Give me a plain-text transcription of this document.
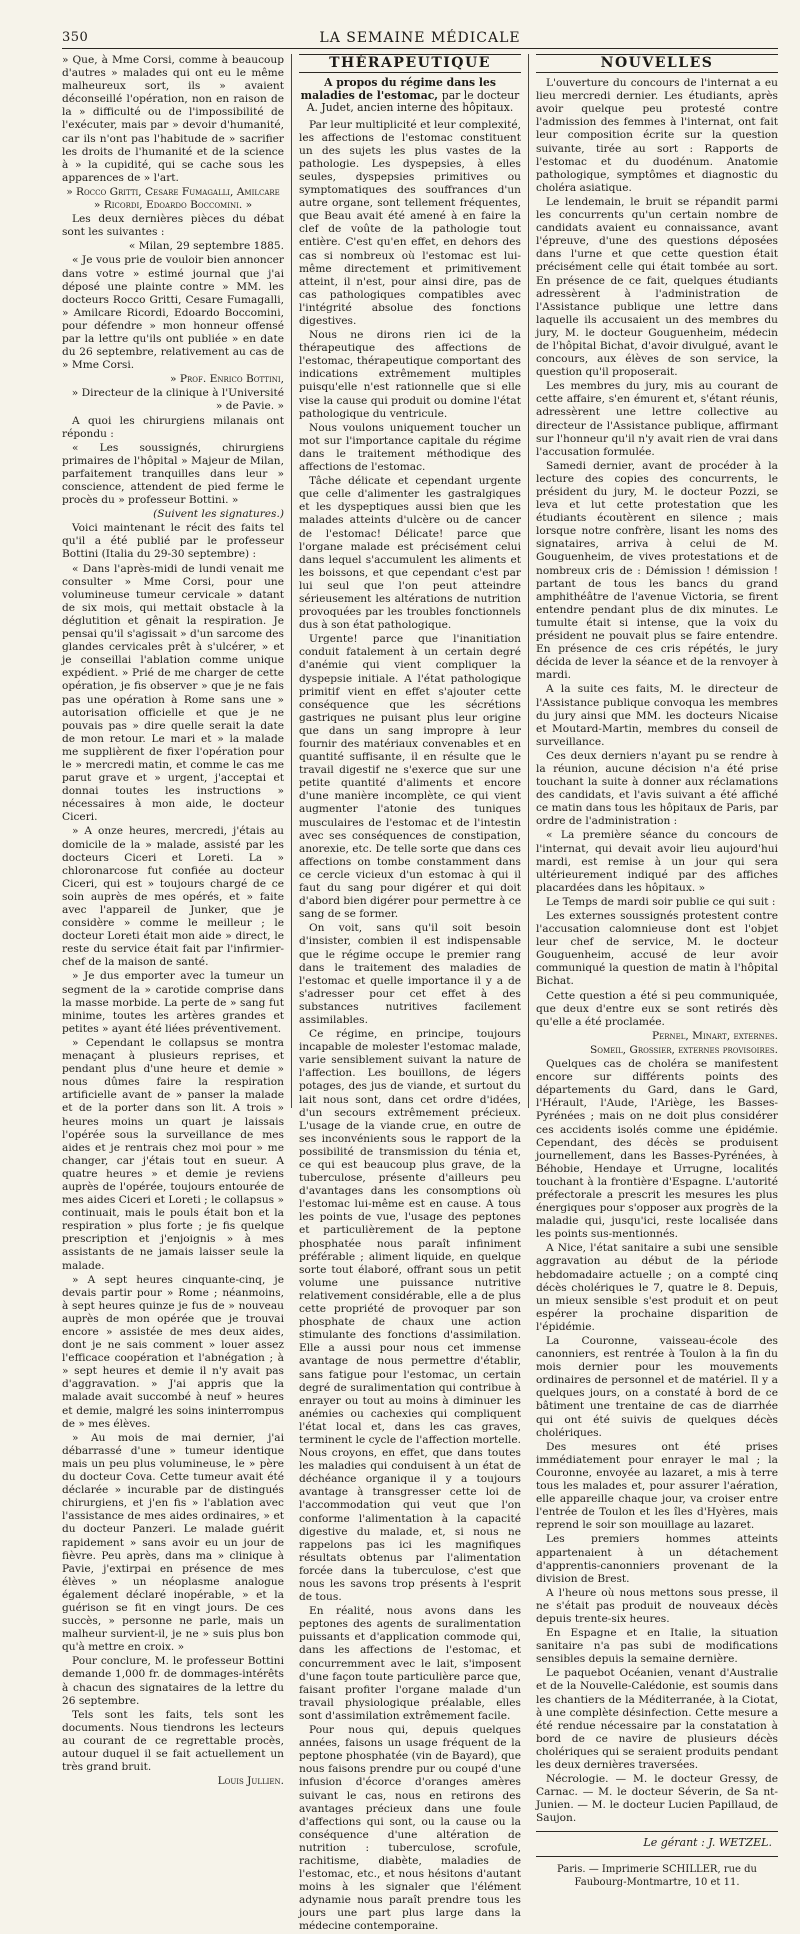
350	LA SEMAINE MÉDICALE

» Que, à Mme Corsi, comme à beaucoup d'autres » malades qui ont eu le même malheureux sort, ils » avaient déconseillé l'opération, non en raison de la » difficulté ou de l'impossibilité de l'exécuter, mais par » devoir d'humanité, car ils n'ont pas l'habitude de » sacrifier les droits de l'humanité et de la science à » la cupidité, qui se cache sous les apparences de » l'art.

» Rocco Gritti, Cesare Fumagalli, Amilcare » Ricordi, Edoardo Boccomini. »

Les deux dernières pièces du débat sont les suivantes :

« Milan, 29 septembre 1885.

« Je vous prie de vouloir bien annoncer dans votre » estimé journal que j'ai déposé une plainte contre » MM. les docteurs Rocco Gritti, Cesare Fumagalli, » Amilcare Ricordi, Edoardo Boccomini, pour défendre » mon honneur offensé par la lettre qu'ils ont publiée » en date du 26 septembre, relativement au cas de » Mme Corsi.

» Prof. Enrico Bottini,

» Directeur de la clinique à l'Université » de Pavie. »

A quoi les chirurgiens milanais ont répondu :

« Les soussignés, chirurgiens primaires de l'hôpital » Majeur de Milan, parfaitement tranquilles dans leur » conscience, attendent de pied ferme le procès du » professeur Bottini. »

(Suivent les signatures.)

Voici maintenant le récit des faits tel qu'il a été publié par le professeur Bottini (Italia du 29-30 septembre) :

« Dans l'après-midi de lundi venait me consulter » Mme Corsi, pour une volumineuse tumeur cervicale » datant de six mois, qui mettait obstacle à la déglutition et gênait la respiration. Je pensai qu'il s'agissait » d'un sarcome des glandes cervicales prêt à s'ulcérer, » et je conseillai l'ablation comme unique expédient. » Prié de me charger de cette opération, je fis observer » que je ne fais pas une opération à Rome sans une » autorisation officielle et que je ne pouvais pas » dire quelle serait la date de mon retour. Le mari et » la malade me supplièrent de fixer l'opération pour le » mercredi matin, et comme le cas me parut grave et » urgent, j'acceptai et donnai toutes les instructions » nécessaires à mon aide, le docteur Ciceri.

» A onze heures, mercredi, j'étais au domicile de la » malade, assisté par les docteurs Ciceri et Loreti. La » chloronarcose fut confiée au docteur Ciceri, qui est » toujours chargé de ce soin auprès de mes opérés, et » faite avec l'appareil de Junker, que je considère » comme le meilleur ; le docteur Loreti était mon aide » direct, le reste du service était fait par l'infirmier-chef de la maison de santé.

» Je dus emporter avec la tumeur un segment de la » carotide comprise dans la masse morbide. La perte de » sang fut minime, toutes les artères grandes et petites » ayant été liées préventivement.

» Cependant le collapsus se montra menaçant à plusieurs reprises, et pendant plus d'une heure et demie » nous dûmes faire la respiration artificielle avant de » panser la malade et de la porter dans son lit. A trois » heures moins un quart je laissais l'opérée sous la surveillance de mes aides et je rentrais chez moi pour » me changer, car j'étais tout en sueur. A quatre heures » et demie je reviens auprès de l'opérée, toujours entourée de mes aides Ciceri et Loreti ; le collapsus » continuait, mais le pouls était bon et la respiration » plus forte ; je fis quelque prescription et j'enjoignis » à mes assistants de ne jamais laisser seule la malade.

» A sept heures cinquante-cinq, je devais partir pour » Rome ; néanmoins, à sept heures quinze je fus de » nouveau auprès de mon opérée que je trouvai encore » assistée de mes deux aides, dont je ne sais comment » louer assez l'efficace coopération et l'abnégation ; à » sept heures et demie il n'y avait pas d'aggravation. » J'ai appris que la malade avait succombé à neuf » heures et demie, malgré les soins ininterrompus de » mes élèves.

» Au mois de mai dernier, j'ai débarrassé d'une » tumeur identique mais un peu plus volumineuse, le » père du docteur Cova. Cette tumeur avait été déclarée » incurable par de distingués chirurgiens, et j'en fis » l'ablation avec l'assistance de mes aides ordinaires, » et du docteur Panzeri. Le malade guérit rapidement » sans avoir eu un jour de fièvre. Peu après, dans ma » clinique à Pavie, j'extirpai en présence de mes élèves » un néoplasme analogue également déclaré inopérable, » et la guérison se fit en vingt jours. De ces succès, » personne ne parle, mais un malheur survient-il, je ne » suis plus bon qu'à mettre en croix. »

Pour conclure, M. le professeur Bottini demande 1,000 fr. de dommages-intérêts à chacun des signataires de la lettre du 26 septembre.

Tels sont les faits, tels sont les documents. Nous tiendrons les lecteurs au courant de ce regrettable procès, autour duquel il se fait actuellement un très grand bruit.

Louis Jullien.

THÉRAPEUTIQUE
A propos du régime dans les maladies de l'estomac, par le docteur A. Judet, ancien interne des hôpitaux.

Par leur multiplicité et leur complexité, les affections de l'estomac constituent un des sujets les plus vastes de la pathologie. Les dyspepsies, à elles seules, dyspepsies primitives ou symptomatiques des souffrances d'un autre organe, sont tellement fréquentes, que Beau avait été amené à en faire la clef de voûte de la pathologie tout entière. C'est qu'en effet, en dehors des cas si nombreux où l'estomac est lui-même directement et primitivement atteint, il n'est, pour ainsi dire, pas de cas pathologiques compatibles avec l'intégrité absolue des fonctions digestives.

Nous ne dirons rien ici de la thérapeutique des affections de l'estomac, thérapeutique comportant des indications extrêmement multiples puisqu'elle n'est rationnelle que si elle vise la cause qui produit ou domine l'état pathologique du ventricule.

Nous voulons uniquement toucher un mot sur l'importance capitale du régime dans le traitement méthodique des affections de l'estomac.

Tâche délicate et cependant urgente que celle d'alimenter les gastralgiques et les dyspeptiques aussi bien que les malades atteints d'ulcère ou de cancer de l'estomac! Délicate! parce que l'organe malade est précisément celui dans lequel s'accumulent les aliments et les boissons, et que cependant c'est par lui seul que l'on peut atteindre sérieusement les altérations de nutrition provoquées par les troubles fonctionnels dus à son état pathologique.

Urgente! parce que l'inanitiation conduit fatalement à un certain degré d'anémie qui vient compliquer la dyspepsie initiale. A l'état pathologique primitif vient en effet s'ajouter cette conséquence que les sécrétions gastriques ne puisant plus leur origine que dans un sang impropre à leur fournir des matériaux convenables et en quantité suffisante, il en résulte que le travail digestif ne s'exerce que sur une petite quantité d'aliments et encore d'une manière incomplète, ce qui vient augmenter l'atonie des tuniques musculaires de l'estomac et de l'intestin avec ses conséquences de constipation, anorexie, etc. De telle sorte que dans ces affections on tombe constamment dans ce cercle vicieux d'un estomac à qui il faut du sang pour digérer et qui doit d'abord bien digérer pour permettre à ce sang de se former.

On voit, sans qu'il soit besoin d'insister, combien il est indispensable que le régime occupe le premier rang dans le traitement des maladies de l'estomac et quelle importance il y a de s'adresser pour cet effet à des substances nutritives facilement assimilables.

Ce régime, en principe, toujours incapable de molester l'estomac malade, varie sensiblement suivant la nature de l'affection. Les bouillons, de légers potages, des jus de viande, et surtout du lait nous sont, dans cet ordre d'idées, d'un secours extrêmement précieux. L'usage de la viande crue, en outre de ses inconvénients sous le rapport de la possibilité de transmission du ténia et, ce qui est beaucoup plus grave, de la tuberculose, présente d'ailleurs peu d'avantages dans les consomptions où l'estomac lui-même est en cause. A tous les points de vue, l'usage des peptones et particulièrement de la peptone phosphatée nous paraît infiniment préférable ; aliment liquide, en quelque sorte tout élaboré, offrant sous un petit volume une puissance nutritive relativement considérable, elle a de plus cette propriété de provoquer par son phosphate de chaux une action stimulante des fonctions d'assimilation. Elle a aussi pour nous cet immense avantage de nous permettre d'établir, sans fatigue pour l'estomac, un certain degré de suralimentation qui contribue à enrayer ou tout au moins à diminuer les anémies ou cachexies qui compliquent l'état local et, dans les cas graves, terminent le cycle de l'affection mortelle. Nous croyons, en effet, que dans toutes les maladies qui conduisent à un état de déchéance organique il y a toujours avantage à transgresser cette loi de l'accommodation qui veut que l'on conforme l'alimentation à la capacité digestive du malade, et, si nous ne rappelons pas ici les magnifiques résultats obtenus par l'alimentation forcée dans la tuberculose, c'est que nous les savons trop présents à l'esprit de tous.

En réalité, nous avons dans les peptones des agents de suralimentation puissants et d'application commode qui, dans les affections de l'estomac, et concurremment avec le lait, s'imposent d'une façon toute particulière parce que, faisant profiter l'organe malade d'un travail physiologique préalable, elles sont d'assimilation extrêmement facile.

Pour nous qui, depuis quelques années, faisons un usage fréquent de la peptone phosphatée (vin de Bayard), que nous faisons prendre pur ou coupé d'une infusion d'écorce d'oranges amères suivant le cas, nous en retirons des avantages précieux dans une foule d'affections qui sont, ou la cause ou la conséquence d'une altération de nutrition : tuberculose, scrofule, rachitisme, diabète, maladies de l'estomac, etc., et nous hésitons d'autant moins à les signaler que l'élément adynamie nous paraît prendre tous les jours une part plus large dans la médecine contemporaine.

NOUVELLES

L'ouverture du concours de l'internat a eu lieu mercredi dernier. Les étudiants, après avoir quelque peu protesté contre l'admission des femmes à l'internat, ont fait leur composition écrite sur la question suivante, tirée au sort : Rapports de l'estomac et du duodénum. Anatomie pathologique, symptômes et diagnostic du choléra asiatique.

Le lendemain, le bruit se répandit parmi les concurrents qu'un certain nombre de candidats avaient eu connaissance, avant l'épreuve, d'une des questions déposées dans l'urne et que cette question était précisément celle qui était tombée au sort. En présence de ce fait, quelques étudiants adressèrent à l'administration de l'Assistance publique une lettre dans laquelle ils accusaient un des membres du jury, M. le docteur Gouguenheim, médecin de l'hôpital Bichat, d'avoir divulgué, avant le concours, aux élèves de son service, la question qu'il proposerait.

Les membres du jury, mis au courant de cette affaire, s'en émurent et, s'étant réunis, adressèrent une lettre collective au directeur de l'Assistance publique, affirmant sur l'honneur qu'il n'y avait rien de vrai dans l'accusation formulée.

Samedi dernier, avant de procéder à la lecture des copies des concurrents, le président du jury, M. le docteur Pozzi, se leva et lut cette protestation que les étudiants écoutèrent en silence ; mais lorsque notre confrère, lisant les noms des signataires, arriva à celui de M. Gouguenheim, de vives protestations et de nombreux cris de : Démission ! démission ! partant de tous les bancs du grand amphithéâtre de l'avenue Victoria, se firent entendre pendant plus de dix minutes. Le tumulte était si intense, que la voix du président ne pouvait plus se faire entendre. En présence de ces cris répétés, le jury décida de lever la séance et de la renvoyer à mardi.

A la suite ces faits, M. le directeur de l'Assistance publique convoqua les membres du jury ainsi que MM. les docteurs Nicaise et Moutard-Martin, membres du conseil de surveillance.

Ces deux derniers n'ayant pu se rendre à la réunion, aucune décision n'a été prise touchant la suite à donner aux réclamations des candidats, et l'avis suivant a été affiché ce matin dans tous les hôpitaux de Paris, par ordre de l'administration :

« La première séance du concours de l'internat, qui devait avoir lieu aujourd'hui mardi, est remise à un jour qui sera ultérieurement indiqué par des affiches placardées dans les hôpitaux. »

Le Temps de mardi soir publie ce qui suit :

Les externes soussignés protestent contre l'accusation calomnieuse dont est l'objet leur chef de service, M. le docteur Gouguenheim, accusé de leur avoir communiqué la question de matin à l'hôpital Bichat.

Cette question a été si peu communiquée, que deux d'entre eux se sont retirés dès qu'elle a été proclamée.

Pernel, Minart, externes.

Someil, Grossier, externes provisoires.

Quelques cas de choléra se manifestent encore sur différents points des départements du Gard, dans le Gard, l'Hérault, l'Aude, l'Ariège, les Basses-Pyrénées ; mais on ne doit plus considérer ces accidents isolés comme une épidémie. Cependant, des décès se produisent journellement, dans les Basses-Pyrénées, à Béhobie, Hendaye et Urrugne, localités touchant à la frontière d'Espagne. L'autorité préfectorale a prescrit les mesures les plus énergiques pour s'opposer aux progrès de la maladie qui, jusqu'ici, reste localisée dans les points sus-mentionnés.

A Nice, l'état sanitaire a subi une sensible aggravation au début de la période hebdomadaire actuelle ; on a compté cinq décès cholériques le 7, quatre le 8. Depuis, un mieux sensible s'est produit et on peut espérer la prochaine disparition de l'épidémie.

La Couronne, vaisseau-école des canonniers, est rentrée à Toulon à la fin du mois dernier pour les mouvements ordinaires de personnel et de matériel. Il y a quelques jours, on a constaté à bord de ce bâtiment une trentaine de cas de diarrhée qui ont été suivis de quelques décès cholériques.

Des mesures ont été prises immédiatement pour enrayer le mal ; la Couronne, envoyée au lazaret, a mis à terre tous les malades et, pour assurer l'aération, elle appareille chaque jour, va croiser entre l'entrée de Toulon et les îles d'Hyères, mais reprend le soir son mouillage au lazaret.

Les premiers hommes atteints appartenaient à un détachement d'apprentis-canonniers provenant de la division de Brest.

A l'heure où nous mettons sous presse, il ne s'était pas produit de nouveaux décès depuis trente-six heures.

En Espagne et en Italie, la situation sanitaire n'a pas subi de modifications sensibles depuis la semaine dernière.

Le paquebot Océanien, venant d'Australie et de la Nouvelle-Calédonie, est soumis dans les chantiers de la Méditerranée, à la Ciotat, à une complète désinfection. Cette mesure a été rendue nécessaire par la constatation à bord de ce navire de plusieurs décès cholériques qui se seraient produits pendant les deux dernières traversées.

Nécrologie. — M. le docteur Gressy, de Carnac. — M. le docteur Séverin, de Sa nt-Junien. — M. le docteur Lucien Papillaud, de Saujon.

Le gérant : J. WETZEL.
Paris. — Imprimerie SCHILLER, rue du Faubourg-Montmartre, 10 et 11.
